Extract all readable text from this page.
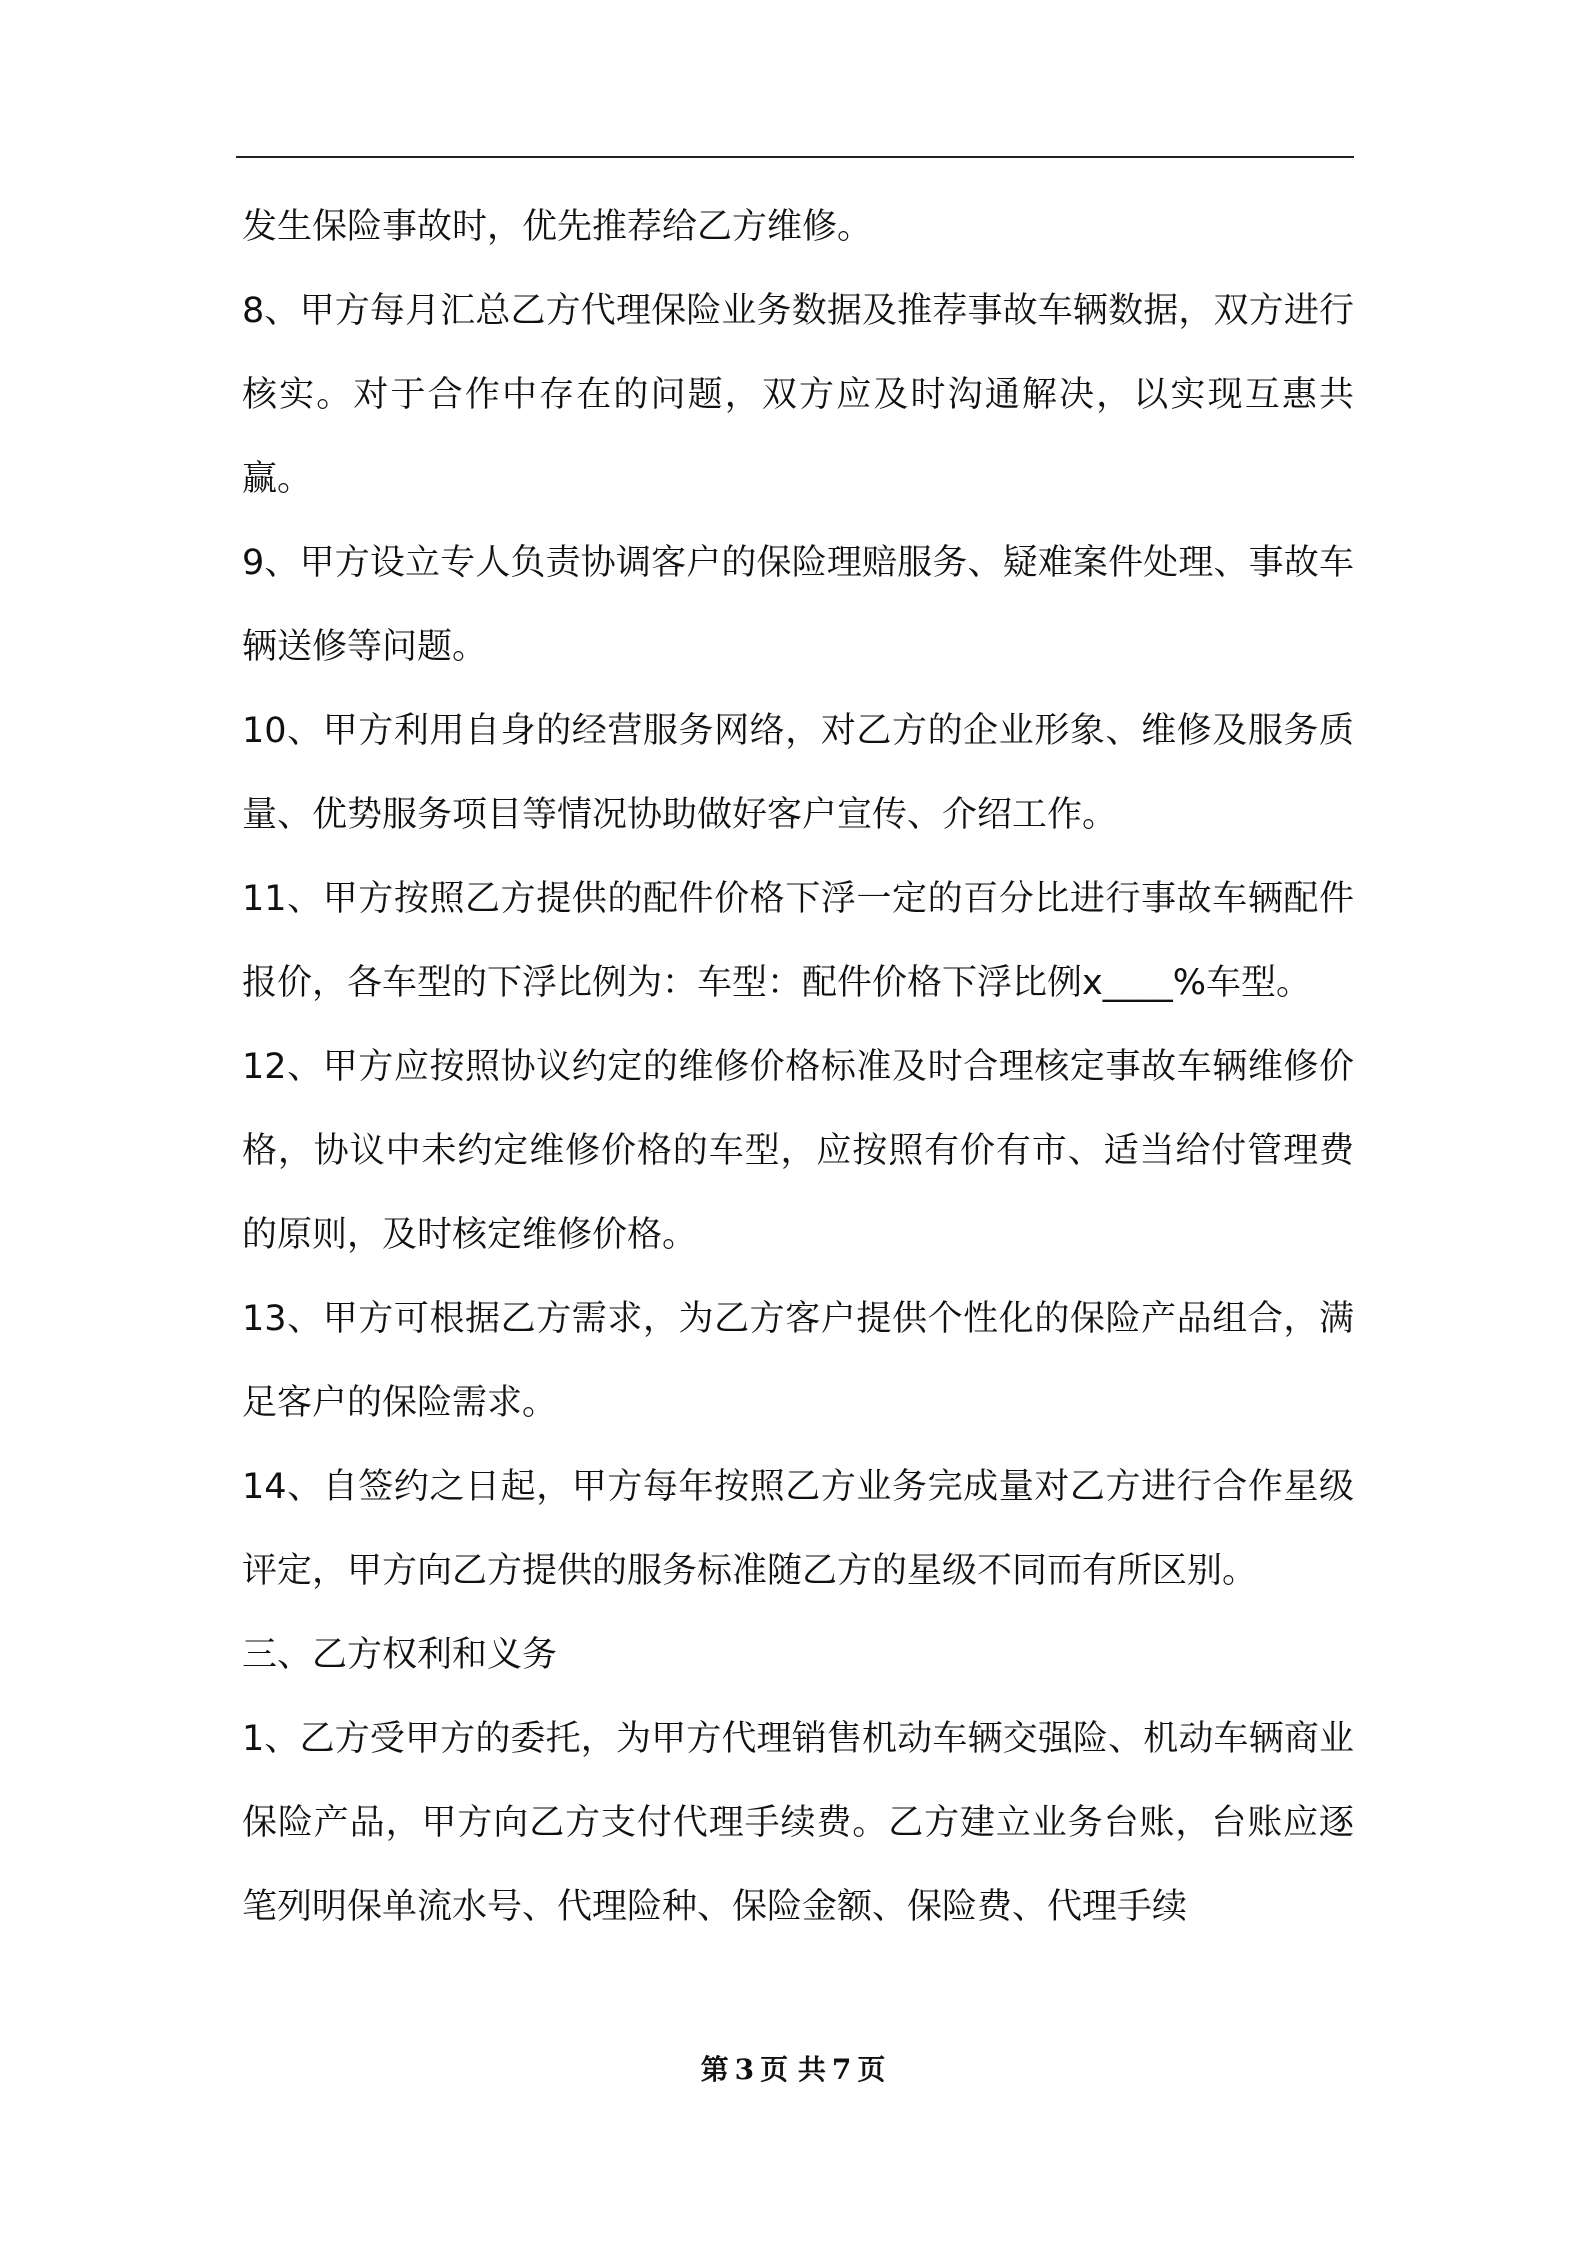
发生保险事故时，优先推荐给乙方维修。

8、甲方每月汇总乙方代理保险业务数据及推荐事故车辆数据，双方进行核实。对于合作中存在的问题，双方应及时沟通解决，以实现互惠共赢。

9、甲方设立专人负责协调客户的保险理赔服务、疑难案件处理、事故车辆送修等问题。

10、甲方利用自身的经营服务网络，对乙方的企业形象、维修及服务质量、优势服务项目等情况协助做好客户宣传、介绍工作。

11、甲方按照乙方提供的配件价格下浮一定的百分比进行事故车辆配件报价，各车型的下浮比例为：车型：配件价格下浮比例x____%车型。

12、甲方应按照协议约定的维修价格标准及时合理核定事故车辆维修价格，协议中未约定维修价格的车型，应按照有价有市、适当给付管理费的原则，及时核定维修价格。

13、甲方可根据乙方需求，为乙方客户提供个性化的保险产品组合，满足客户的保险需求。

14、自签约之日起，甲方每年按照乙方业务完成量对乙方进行合作星级评定，甲方向乙方提供的服务标准随乙方的星级不同而有所区别。

三、乙方权利和义务

1、乙方受甲方的委托，为甲方代理销售机动车辆交强险、机动车辆商业保险产品，甲方向乙方支付代理手续费。乙方建立业务台账，台账应逐笔列明保单流水号、代理险种、保险金额、保险费、代理手续

第 3 页 共 7 页
